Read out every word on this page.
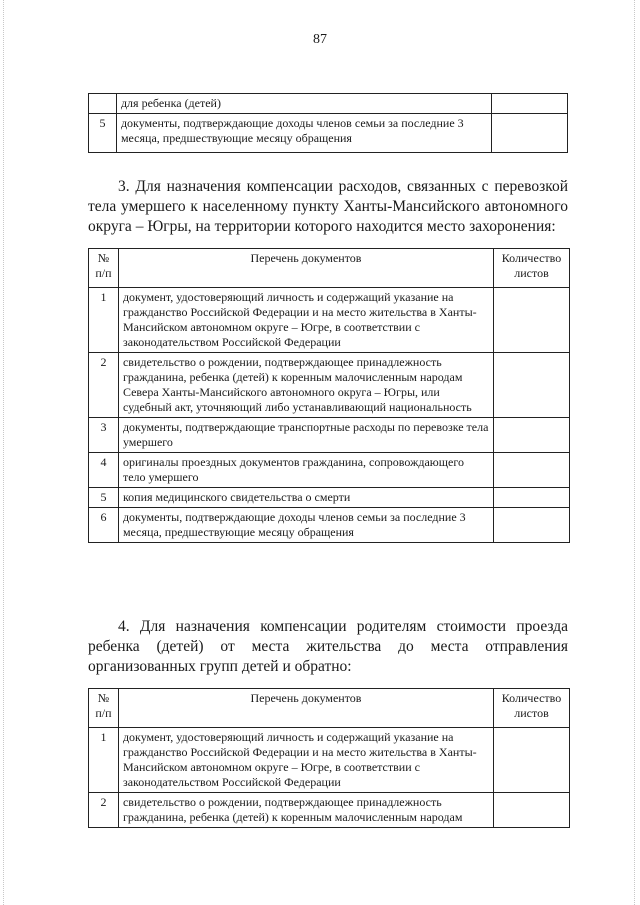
87
	для ребенка (детей)	
5	документы, подтверждающие доходы членов семьи за последние 3 месяца, предшествующие месяцу обращения	

3. Для назначения компенсации расходов, связанных с перевозкой тела умершего к населенному пункту Ханты-Мансийского автономного округа – Югры, на территории которого находится место захоронения:

№ п/п	Перечень документов	Количество листов
1	документ, удостоверяющий личность и содержащий указание на гражданство Российской Федерации и на место жительства в Ханты-Мансийском автономном округе – Югре, в соответствии с законодательством Российской Федерации	
2	свидетельство о рождении, подтверждающее принадлежность гражданина, ребенка (детей) к коренным малочисленным народам Севера Ханты-Мансийского автономного округа – Югры, или судебный акт, уточняющий либо устанавливающий национальность	
3	документы, подтверждающие транспортные расходы по перевозке тела умершего	
4	оригиналы проездных документов гражданина, сопровождающего тело умершего	
5	копия медицинского свидетельства о смерти	
6	документы, подтверждающие доходы членов семьи за последние 3 месяца, предшествующие месяцу обращения	

4. Для назначения компенсации родителям стоимости проезда ребенка (детей) от места жительства до места отправления организованных групп детей и обратно:

№ п/п	Перечень документов	Количество листов
1	документ, удостоверяющий личность и содержащий указание на гражданство Российской Федерации и на место жительства в Ханты-Мансийском автономном округе – Югре, в соответствии с законодательством Российской Федерации	
2	свидетельство о рождении, подтверждающее принадлежность гражданина, ребенка (детей) к коренным малочисленным народам	
